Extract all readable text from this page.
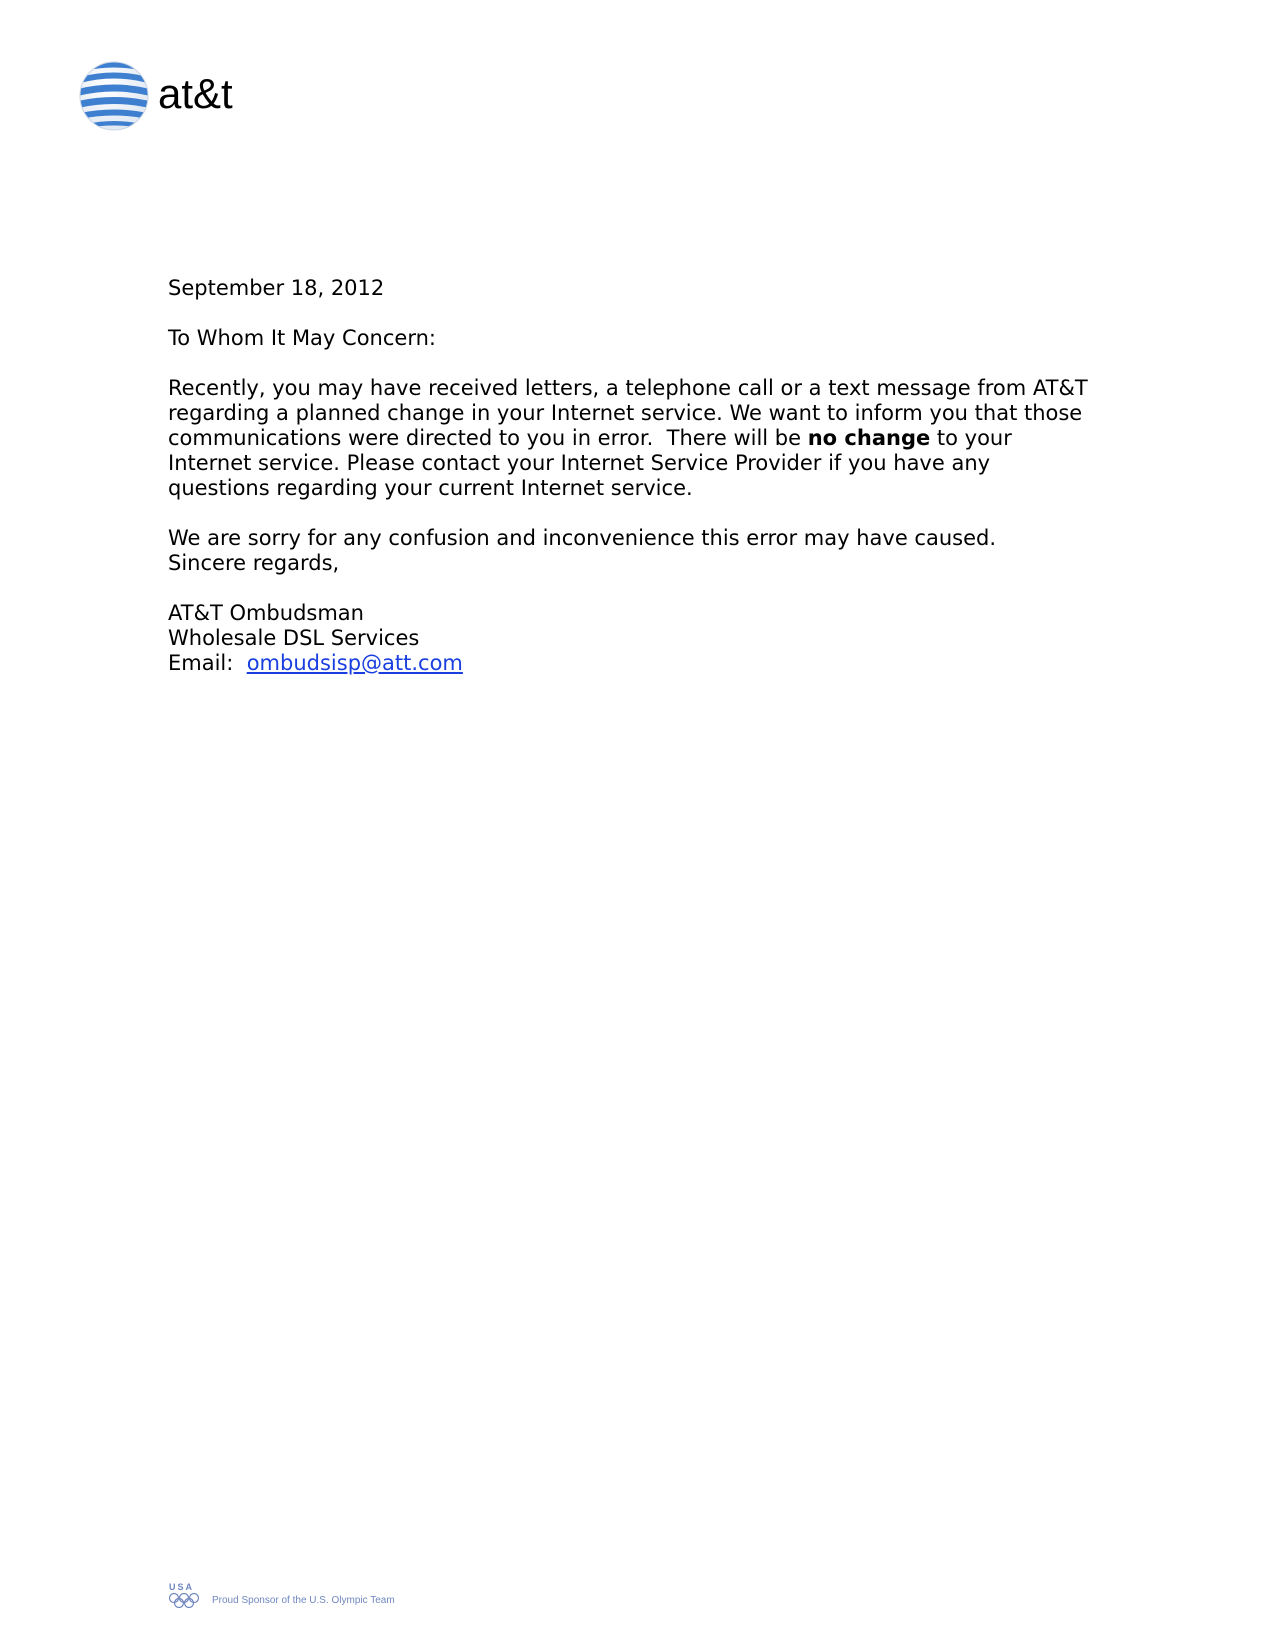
at&t

September 18, 2012

To Whom It May Concern:

Recently, you may have received letters, a telephone call or a text message from AT&T

regarding a planned change in your Internet service. We want to inform you that those

communications were directed to you in error.  There will be no change to your

Internet service. Please contact your Internet Service Provider if you have any

questions regarding your current Internet service.

We are sorry for any confusion and inconvenience this error may have caused.

Sincere regards,

AT&T Ombudsman

Wholesale DSL Services

Email: ombudsisp@att.com

USA
Proud Sponsor of the U.S. Olympic Team
